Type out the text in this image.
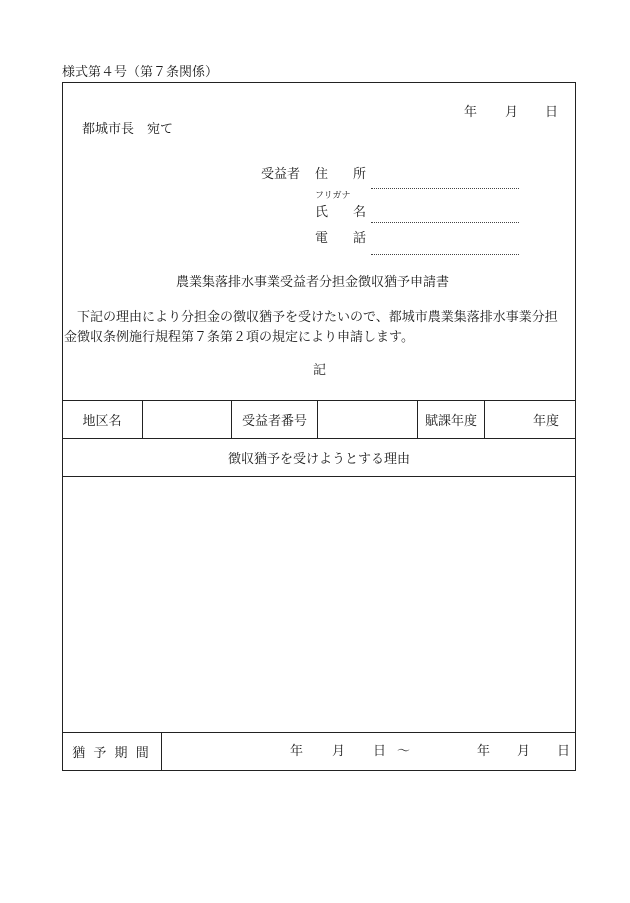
様式第４号（第７条関係）
年 月 日
都城市長　宛て
受益者 住　所
フリガナ
氏　名
電　話
農業集落排水事業受益者分担金徴収猶予申請書
　下記の理由により分担金の徴収猶予を受けたいので、都城市農業集落排水事業分担金徴収条例施行規程第７条第２項の規定により申請します。
記
地区名	受益者番号	賦課年度	年度
徴収猶予を受けようとする理由
猶 予 期 間	年 月 日 ～	年 月 日
